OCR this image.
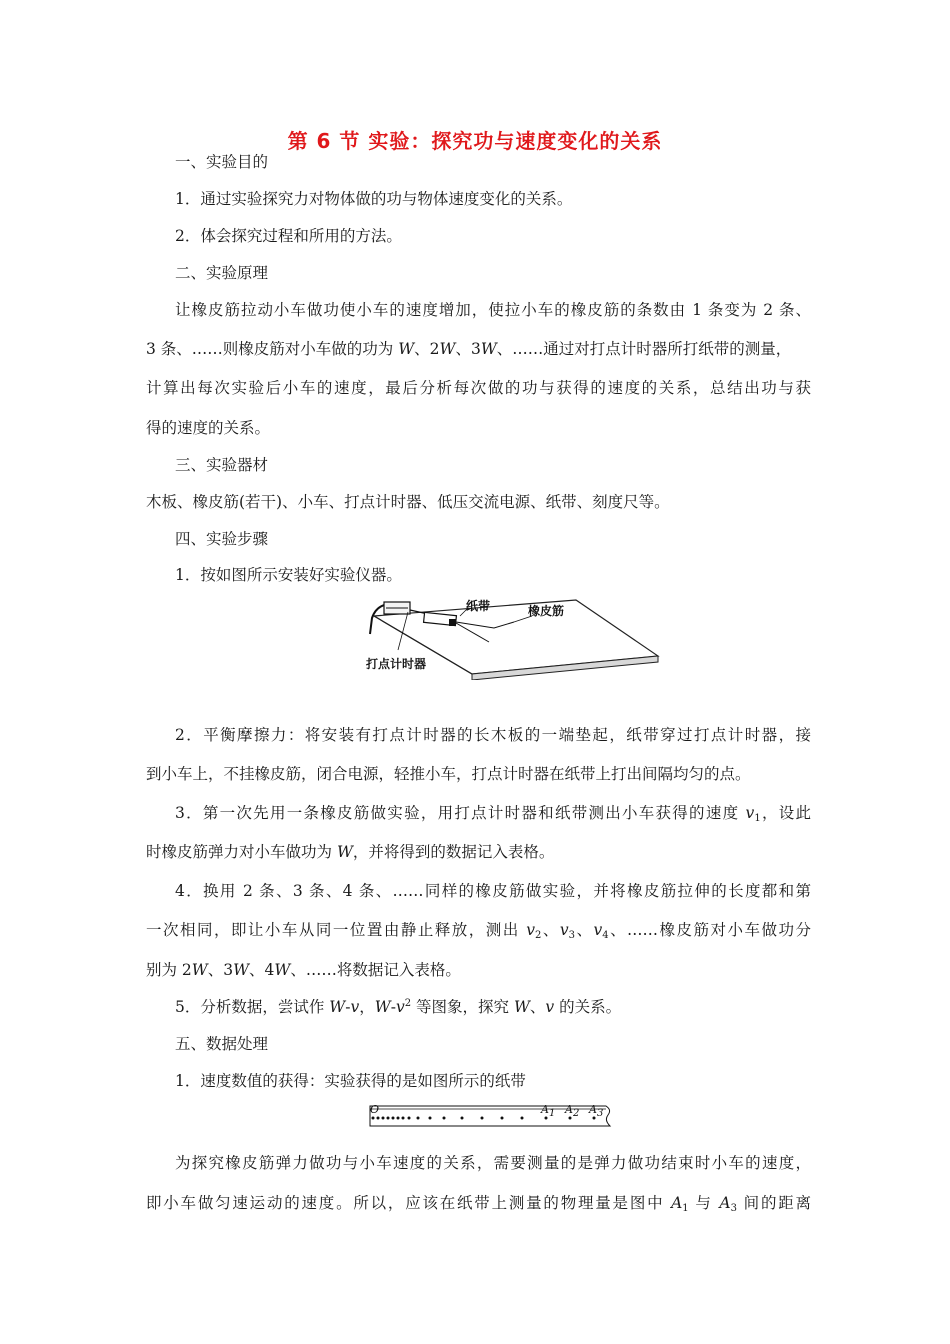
第 6 节 实验：探究功与速度变化的关系
一、实验目的
1．通过实验探究力对物体做的功与物体速度变化的关系。
2．体会探究过程和所用的方法。
二、实验原理
让橡皮筋拉动小车做功使小车的速度增加，使拉小车的橡皮筋的条数由 1 条变为 2 条、
3 条、……则橡皮筋对小车做的功为 W、2W、3W、……通过对打点计时器所打纸带的测量，
计算出每次实验后小车的速度，最后分析每次做的功与获得的速度的关系，总结出功与获
得的速度的关系。
三、实验器材
木板、橡皮筋(若干)、小车、打点计时器、低压交流电源、纸带、刻度尺等。
四、实验步骤
1．按如图所示安装好实验仪器。
纸带	橡皮筋
打点计时器
2．平衡摩擦力：将安装有打点计时器的长木板的一端垫起，纸带穿过打点计时器，接
到小车上，不挂橡皮筋，闭合电源，轻推小车，打点计时器在纸带上打出间隔均匀的点。
3．第一次先用一条橡皮筋做实验，用打点计时器和纸带测出小车获得的速度 $v_1$，设此
时橡皮筋弹力对小车做功为 W，并将得到的数据记入表格。
4．换用 2 条、3 条、4 条、……同样的橡皮筋做实验，并将橡皮筋拉伸的长度都和第
一次相同，即让小车从同一位置由静止释放，测出 $v_2$、$v_3$、$v_4$、……橡皮筋对小车做功分
别为 2W、3W、4W、……将数据记入表格。
5．分析数据，尝试作 W-v，$W-v^2$ 等图象，探究 W、v 的关系。
五、数据处理
1．速度数值的获得：实验获得的是如图所示的纸带
O	$A_1$ $A_2$ $A_3$
为探究橡皮筋弹力做功与小车速度的关系，需要测量的是弹力做功结束时小车的速度，
即小车做匀速运动的速度。所以，应该在纸带上测量的物理量是图中 $A_1$ 与 $A_3$ 间的距离
